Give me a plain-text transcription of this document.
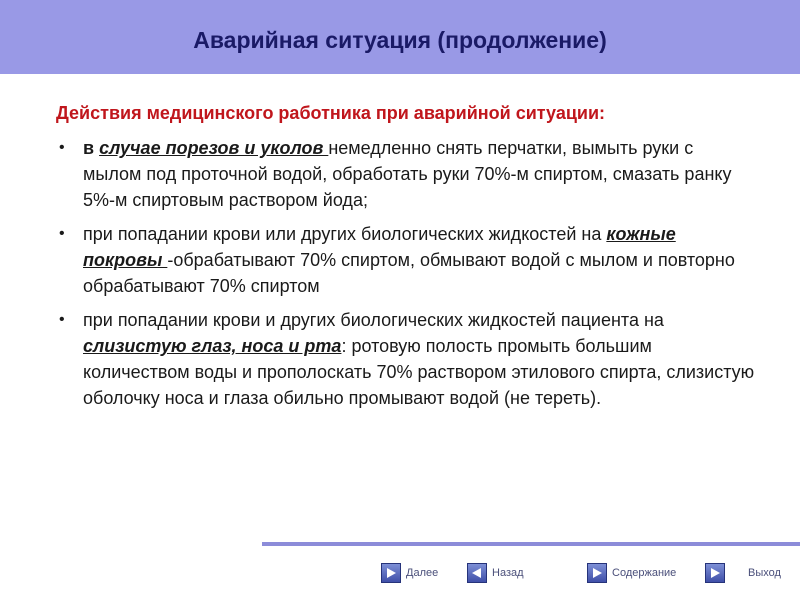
Аварийная ситуация (продолжение)

Действия медицинского работника при аварийной ситуации:

• в случае порезов и уколов немедленно снять перчатки, вымыть руки с мылом под проточной водой, обработать руки 70%-м спиртом, смазать ранку 5%-м спиртовым раствором йода;
• при попадании крови или других биологических жидкостей на кожные покровы -обрабатывают 70% спиртом, обмывают водой с мылом и повторно обрабатывают 70% спиртом
• при попадании крови и других биологических жидкостей пациента на слизистую глаз, носа и рта: ротовую полость промыть большим количеством воды и прополоскать 70% раствором этилового спирта, слизистую оболочку носа и глаза обильно промывают водой (не тереть).
Далее	Назад	Содержание	Выход
